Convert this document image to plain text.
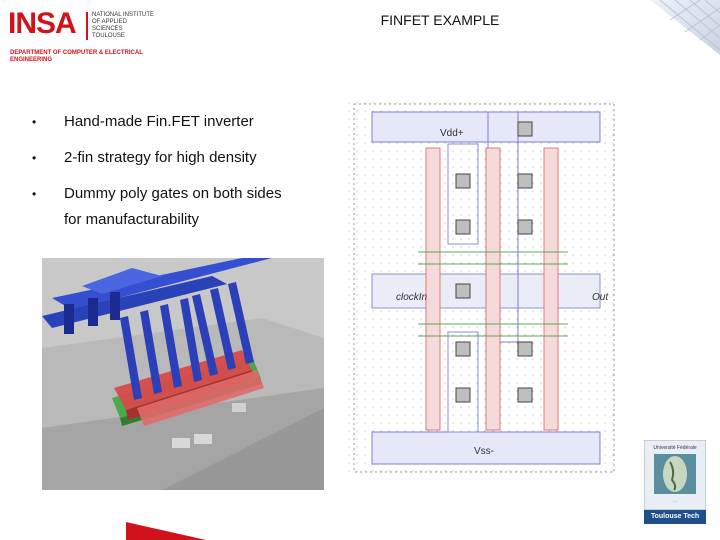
INSA	NATIONAL INSTITUTE
OF APPLIED
SCIENCES
TOULOUSE
DEPARTMENT OF COMPUTER & ELECTRICAL
ENGINEERING
FINFET EXAMPLE
• Hand-made Fin.FET inverter
• 2-fin strategy for high density
• Dummy poly gates on both sides
for manufacturability
Vdd+
Vss-
clockIn	Out
Université Fédérale
...
Toulouse Tech
